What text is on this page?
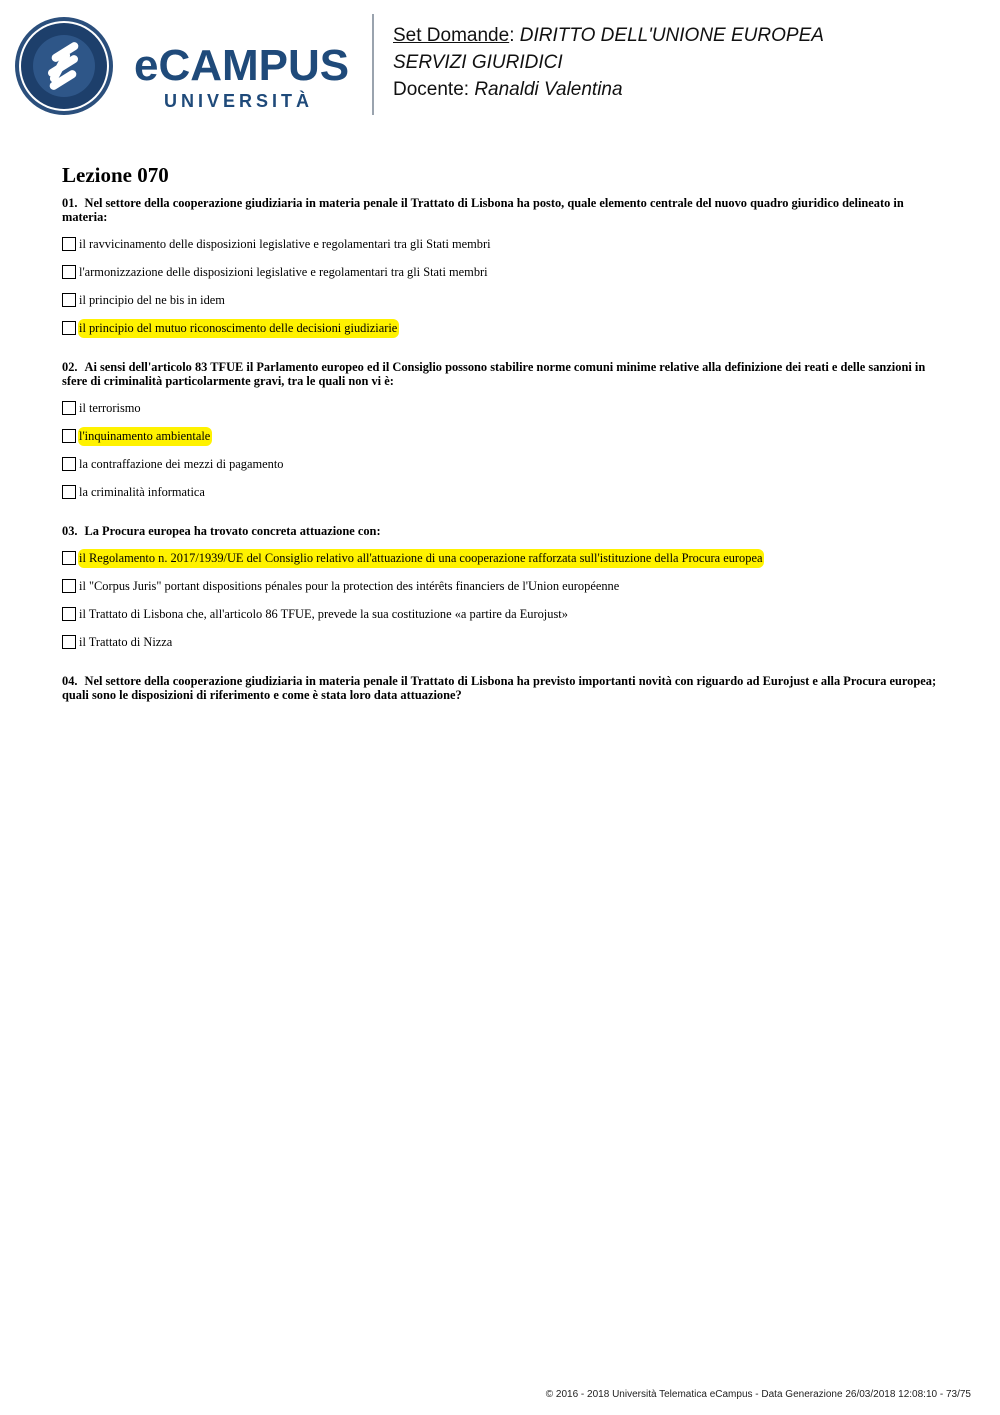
eCAMPUS
UNIVERSITÀ
Set Domande: DIRITTO DELL'UNIONE EUROPEA
SERVIZI GIURIDICI
Docente: Ranaldi Valentina
Lezione 070
01. Nel settore della cooperazione giudiziaria in materia penale il Trattato di Lisbona ha posto, quale elemento centrale del nuovo quadro giuridico delineato in materia:
il ravvicinamento delle disposizioni legislative e regolamentari tra gli Stati membri
l'armonizzazione delle disposizioni legislative e regolamentari tra gli Stati membri
il principio del ne bis in idem
il principio del mutuo riconoscimento delle decisioni giudiziarie
02. Ai sensi dell'articolo 83 TFUE il Parlamento europeo ed il Consiglio possono stabilire norme comuni minime relative alla definizione dei reati e delle sanzioni in sfere di criminalità particolarmente gravi, tra le quali non vi è:
il terrorismo
l'inquinamento ambientale
la contraffazione dei mezzi di pagamento
la criminalità informatica
03. La Procura europea ha trovato concreta attuazione con:
il Regolamento n. 2017/1939/UE del Consiglio relativo all'attuazione di una cooperazione rafforzata sull'istituzione della Procura europea
il "Corpus Juris" portant dispositions pénales pour la protection des intérêts financiers de l'Union européenne
il Trattato di Lisbona che, all'articolo 86 TFUE, prevede la sua costituzione «a partire da Eurojust»
il Trattato di Nizza
04. Nel settore della cooperazione giudiziaria in materia penale il Trattato di Lisbona ha previsto importanti novità con riguardo ad Eurojust e alla Procura europea; quali sono le disposizioni di riferimento e come è stata loro data attuazione?
© 2016 - 2018 Università Telematica eCampus - Data Generazione 26/03/2018 12:08:10 - 73/75
